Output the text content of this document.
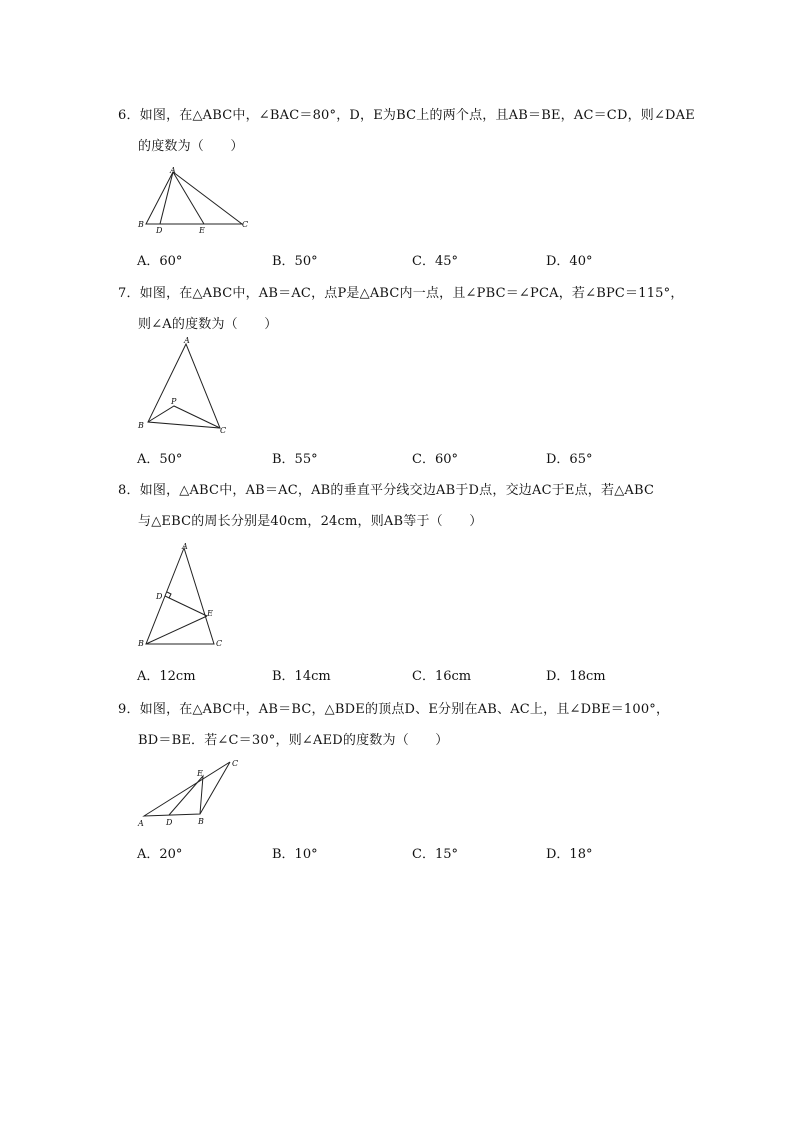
6．如图，在△ABC中，∠BAC＝80°，D，E为BC上的两个点，且AB＝BE，AC＝CD，则∠DAE
的度数为（　　）
A
B	C
D	E
A．60°	B．50°	C．45°	D．40°
7．如图，在△ABC中，AB＝AC，点P是△ABC内一点，且∠PBC＝∠PCA，若∠BPC＝115°，
则∠A的度数为（　　）
A
B
C
P
A．50°	B．55°	C．60°	D．65°
8．如图，△ABC中，AB＝AC，AB的垂直平分线交边AB于D点，交边AC于E点，若△ABC
与△EBC的周长分别是40cm，24cm，则AB等于（　　）
A
B	C
D
E
A．12cm	B．14cm	C．16cm	D．18cm
9．如图，在△ABC中，AB＝BC，△BDE的顶点D、E分别在AB、AC上，且∠DBE＝100°，
BD＝BE．若∠C＝30°，则∠AED的度数为（　　）
A	B
C
D
E
A．20°	B．10°	C．15°	D．18°
